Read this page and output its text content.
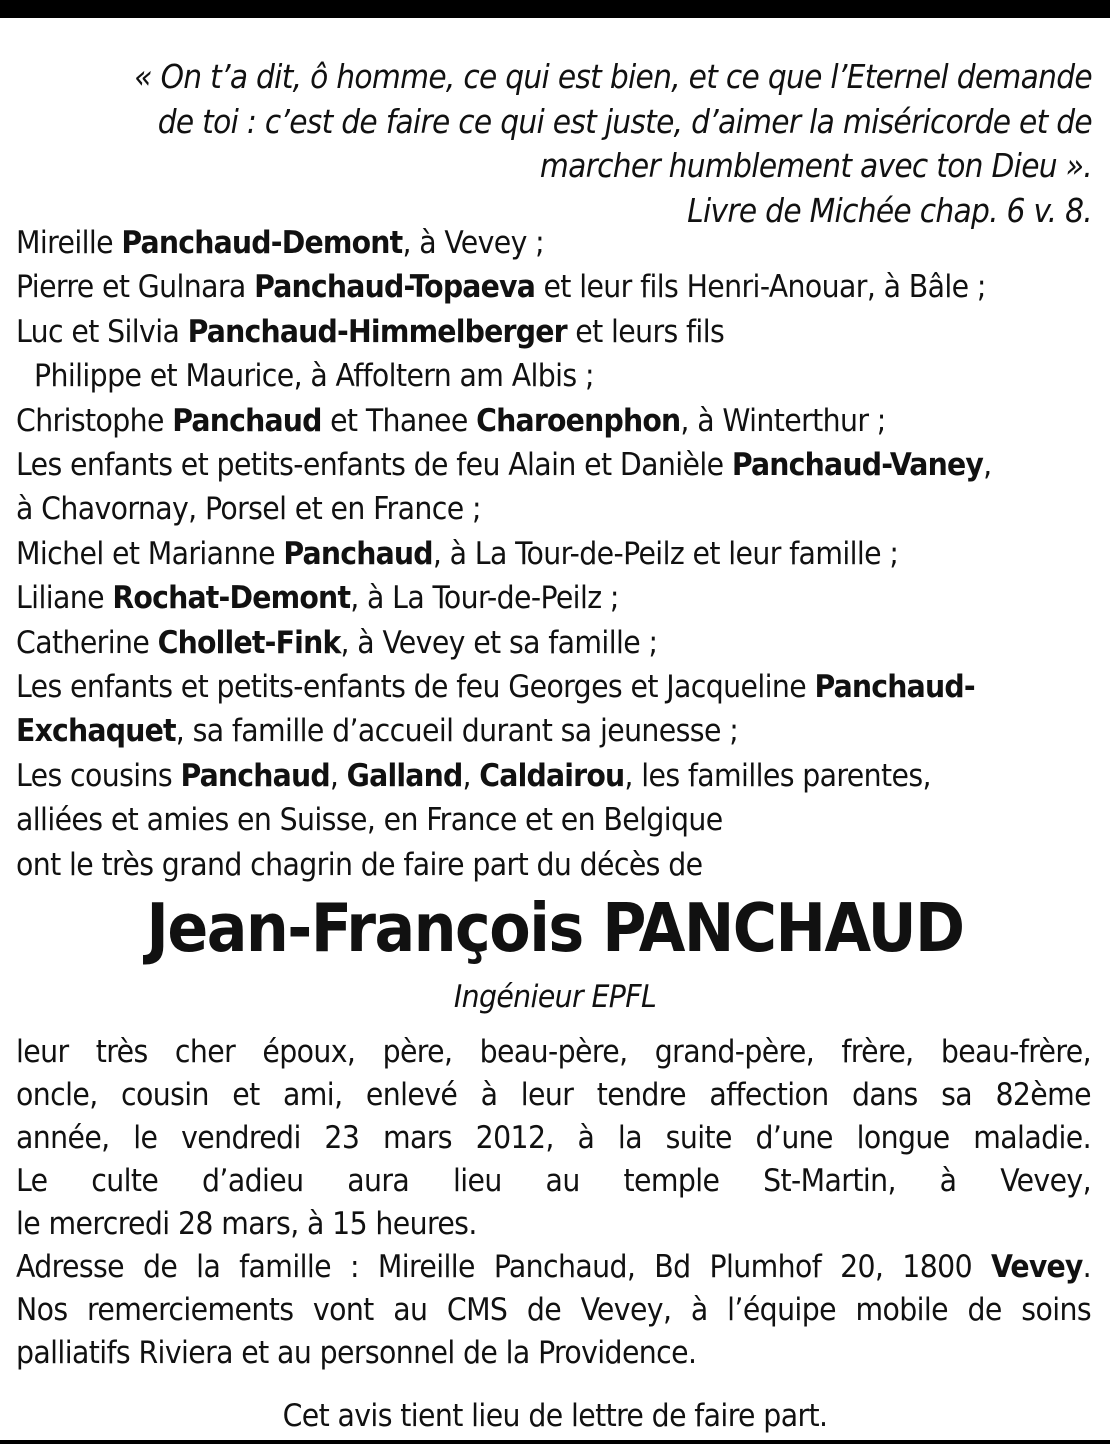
« On t’a dit, ô homme, ce qui est bien, et ce que l’Eternel demande
de toi : c’est de faire ce qui est juste, d’aimer la miséricorde et de
marcher humblement avec ton Dieu ».
Livre de Michée chap. 6 v. 8.
Mireille Panchaud-Demont, à Vevey ;
Pierre et Gulnara Panchaud-Topaeva et leur fils Henri-Anouar, à Bâle ;
Luc et Silvia Panchaud-Himmelberger et leurs fils
Philippe et Maurice, à Affoltern am Albis ;
Christophe Panchaud et Thanee Charoenphon, à Winterthur ;
Les enfants et petits-enfants de feu Alain et Danièle Panchaud-Vaney,
à Chavornay, Porsel et en France ;
Michel et Marianne Panchaud, à La Tour-de-Peilz et leur famille ;
Liliane Rochat-Demont, à La Tour-de-Peilz ;
Catherine Chollet-Fink, à Vevey et sa famille ;
Les enfants et petits-enfants de feu Georges et Jacqueline Panchaud-
Exchaquet, sa famille d’accueil durant sa jeunesse ;
Les cousins Panchaud, Galland, Caldairou, les familles parentes,
alliées et amies en Suisse, en France et en Belgique
ont le très grand chagrin de faire part du décès de
Jean-François PANCHAUD
Ingénieur EPFL
leur très cher époux, père, beau-père, grand-père, frère, beau-frère,
oncle, cousin et ami, enlevé à leur tendre affection dans sa 82ème
année, le vendredi 23 mars 2012, à la suite d’une longue maladie.
Le culte d’adieu aura lieu au temple St-Martin, à Vevey,
le mercredi 28 mars, à 15 heures.
Adresse de la famille : Mireille Panchaud, Bd Plumhof 20, 1800 Vevey.
Nos remerciements vont au CMS de Vevey, à l’équipe mobile de soins
palliatifs Riviera et au personnel de la Providence.
Cet avis tient lieu de lettre de faire part.
